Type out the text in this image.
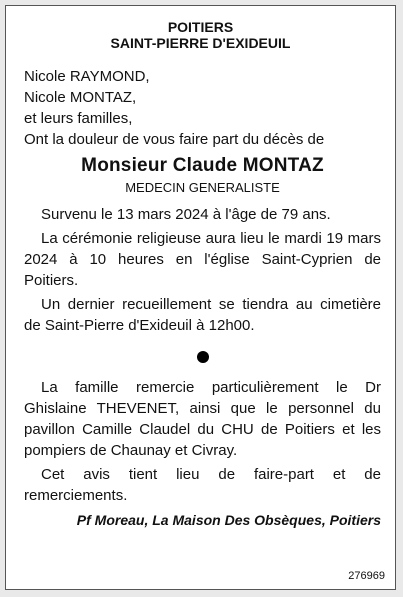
POITIERS
SAINT-PIERRE D'EXIDEUIL

Nicole RAYMOND,

Nicole MONTAZ,

et leurs familles,

Ont la douleur de vous faire part du décès de

Monsieur Claude MONTAZ
MEDECIN GENERALISTE

Survenu le 13 mars 2024 à l'âge de 79 ans.

La cérémonie religieuse aura lieu le mardi 19 mars 2024 à 10 heures en l'église Saint-Cyprien de Poitiers.

Un dernier recueillement se tiendra au cimetière de Saint-Pierre d'Exideuil à 12h00.

La famille remercie particulièrement le Dr Ghislaine THEVENET, ainsi que le personnel du pavillon Camille Claudel du CHU de Poitiers et les pompiers de Chaunay et Civray.

Cet avis tient lieu de faire-part et de remerciements.

Pf Moreau, La Maison Des Obsèques, Poitiers
276969
